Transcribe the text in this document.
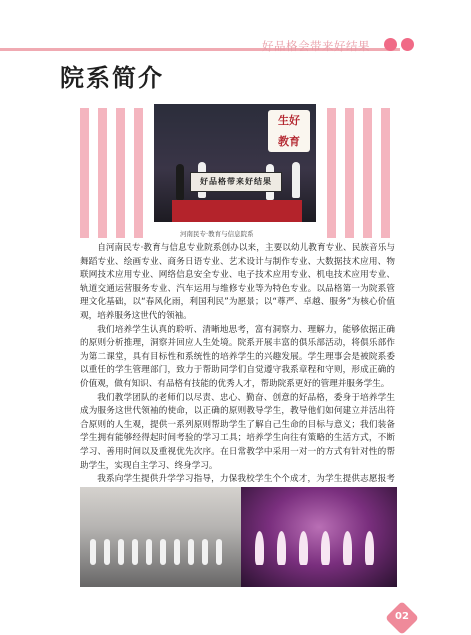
好品格会带来好结果
院系简介
生好
教育
好品格带来好结果
河南民专·教育与信息院系

自河南民专·教育与信息专业院系创办以来，主要以幼儿教育专业、民族音乐与舞蹈专业、绘画专业、商务日语专业、艺术设计与制作专业、大数据技术应用、物联网技术应用专业、网络信息安全专业、电子技术应用专业、机电技术应用专业、轨道交通运营服务专业、汽车运用与维修专业等为特色专业。以品格第一为院系管理文化基础，以“春风化雨，利国利民”为愿景；以“尊严、卓越、服务”为核心价值观，培养服务这世代的领袖。

我们培养学生认真的聆听、清晰地思考，富有洞察力、理解力，能够依据正确的原则分析推理，洞察并回应人生处境。院系开展丰富的俱乐部活动，将俱乐部作为第二课堂，具有目标性和系统性的培养学生的兴趣发展。学生理事会是被院系委以重任的学生管理部门，致力于帮助同学们自觉遵守我系章程和守则，形成正确的价值观，做有知识、有品格有技能的优秀人才，帮助院系更好的管理并服务学生。

我们教学团队的老师们以尽责、忠心、勤奋、创意的好品格，委身于培养学生成为服务这世代领袖的使命，以正确的原则教导学生，教导他们如何建立并活出符合原则的人生观，提供一系列原则帮助学生了解自己生命的目标与意义；我们装备学生拥有能够经得起时间考验的学习工具；培养学生向往有策略的生活方式，不断学习、善用时间以及重视优先次序。在日常教学中采用一对一的方式有针对性的帮助学生，实现自主学习、终身学习。

我系向学生提供升学学习指导，力保我校学生个个成才，为学生提供志愿报考

02
